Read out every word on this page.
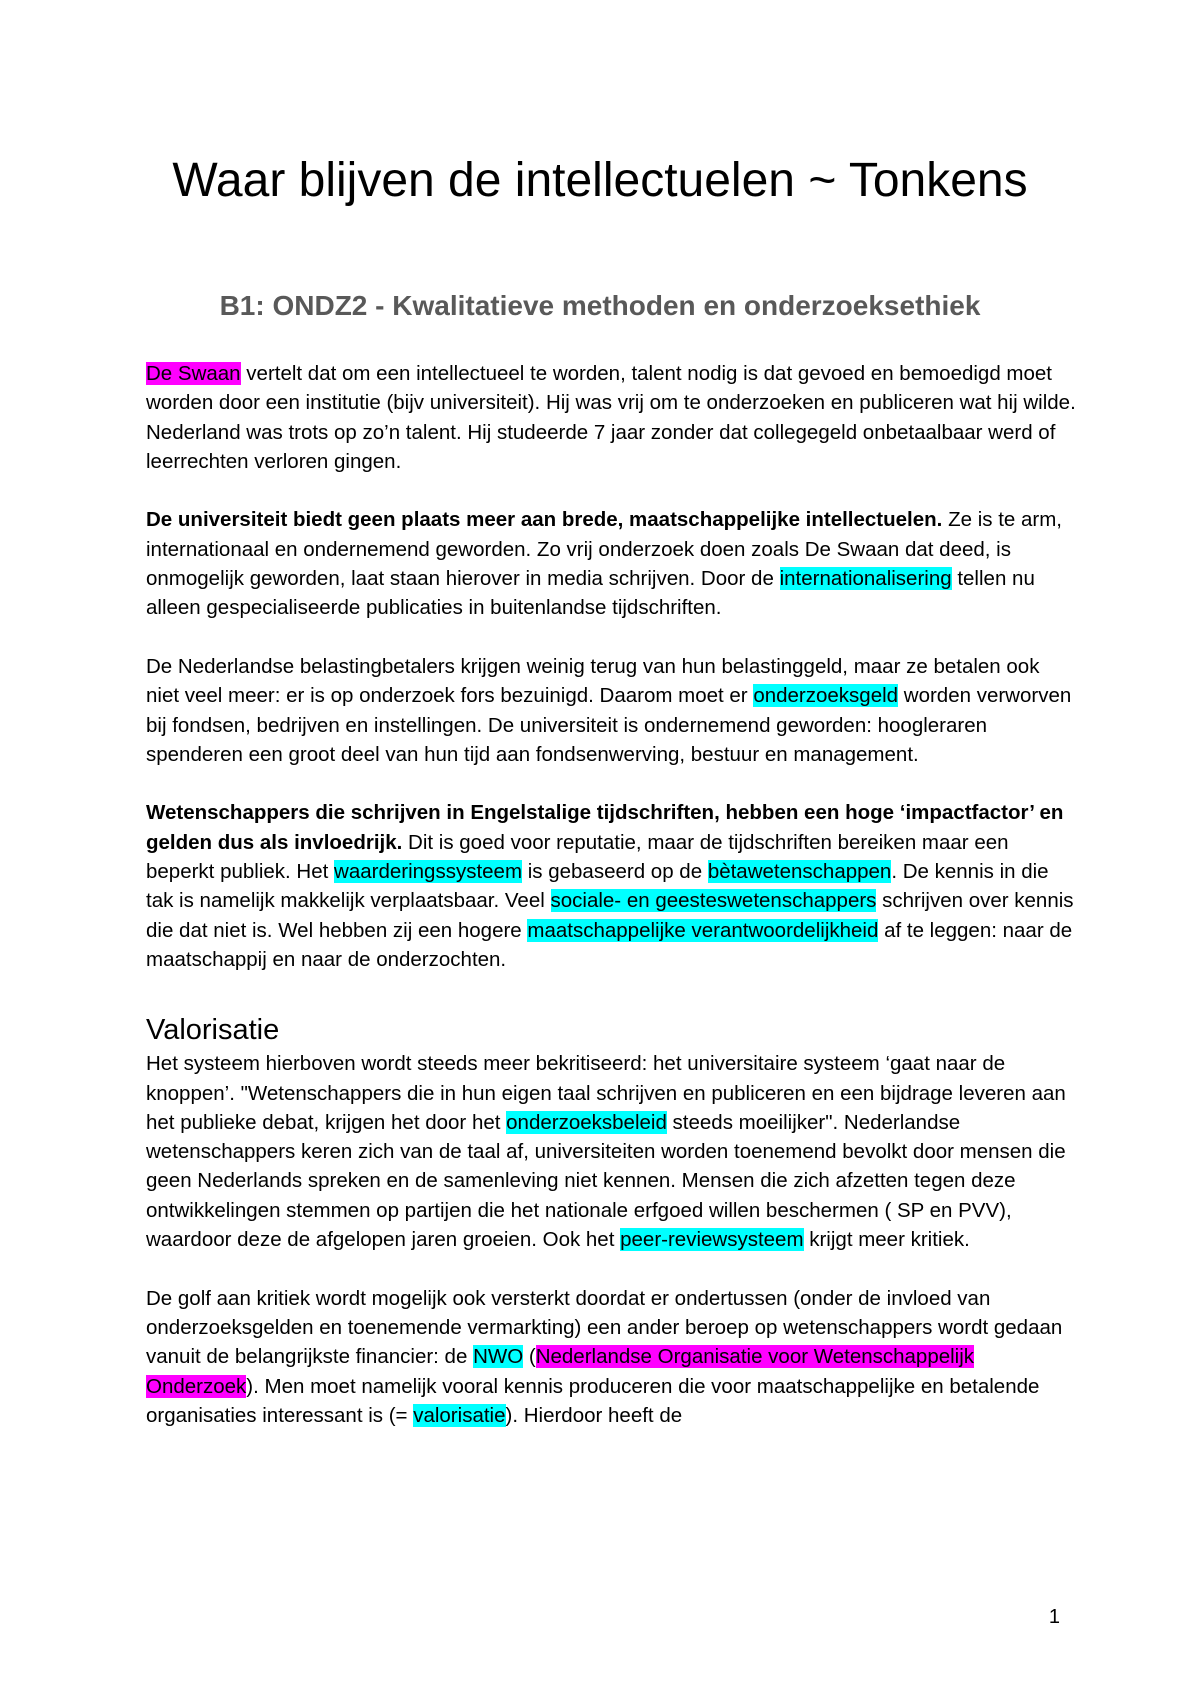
Waar blijven de intellectuelen ~ Tonkens
B1: ONDZ2 - Kwalitatieve methoden en onderzoeksethiek

De Swaan vertelt dat om een intellectueel te worden, talent nodig is dat gevoed en bemoedigd moet worden door een institutie (bijv universiteit). Hij was vrij om te onderzoeken en publiceren wat hij wilde. Nederland was trots op zo’n talent. Hij studeerde 7 jaar zonder dat collegegeld onbetaalbaar werd of leerrechten verloren gingen.

De universiteit biedt geen plaats meer aan brede, maatschappelijke intellectuelen. Ze is te arm, internationaal en ondernemend geworden. Zo vrij onderzoek doen zoals De Swaan dat deed, is onmogelijk geworden, laat staan hierover in media schrijven. Door de internationalisering tellen nu alleen gespecialiseerde publicaties in buitenlandse tijdschriften.

De Nederlandse belastingbetalers krijgen weinig terug van hun belastinggeld, maar ze betalen ook niet veel meer: er is op onderzoek fors bezuinigd. Daarom moet er onderzoeksgeld worden verworven bij fondsen, bedrijven en instellingen. De universiteit is ondernemend geworden: hoogleraren spenderen een groot deel van hun tijd aan fondsenwerving, bestuur en management.

Wetenschappers die schrijven in Engelstalige tijdschriften, hebben een hoge ‘impactfactor’ en gelden dus als invloedrijk. Dit is goed voor reputatie, maar de tijdschriften bereiken maar een beperkt publiek. Het waarderingssysteem is gebaseerd op de bètawetenschappen. De kennis in die tak is namelijk makkelijk verplaatsbaar. Veel sociale- en geesteswetenschappers schrijven over kennis die dat niet is. Wel hebben zij een hogere maatschappelijke verantwoordelijkheid af te leggen: naar de maatschappij en naar de onderzochten.

Valorisatie

Het systeem hierboven wordt steeds meer bekritiseerd: het universitaire systeem ‘gaat naar de knoppen’. "Wetenschappers die in hun eigen taal schrijven en publiceren en een bijdrage leveren aan het publieke debat, krijgen het door het onderzoeksbeleid steeds moeilijker". Nederlandse wetenschappers keren zich van de taal af, universiteiten worden toenemend bevolkt door mensen die geen Nederlands spreken en de samenleving niet kennen. Mensen die zich afzetten tegen deze ontwikkelingen stemmen op partijen die het nationale erfgoed willen beschermen ( SP en PVV), waardoor deze de afgelopen jaren groeien. Ook het peer-reviewsysteem krijgt meer kritiek.

De golf aan kritiek wordt mogelijk ook versterkt doordat er ondertussen (onder de invloed van onderzoeksgelden en toenemende vermarkting) een ander beroep op wetenschappers wordt gedaan vanuit de belangrijkste financier: de NWO (Nederlandse Organisatie voor Wetenschappelijk Onderzoek). Men moet namelijk vooral kennis produceren die voor maatschappelijke en betalende organisaties interessant is (= valorisatie). Hierdoor heeft de

1
